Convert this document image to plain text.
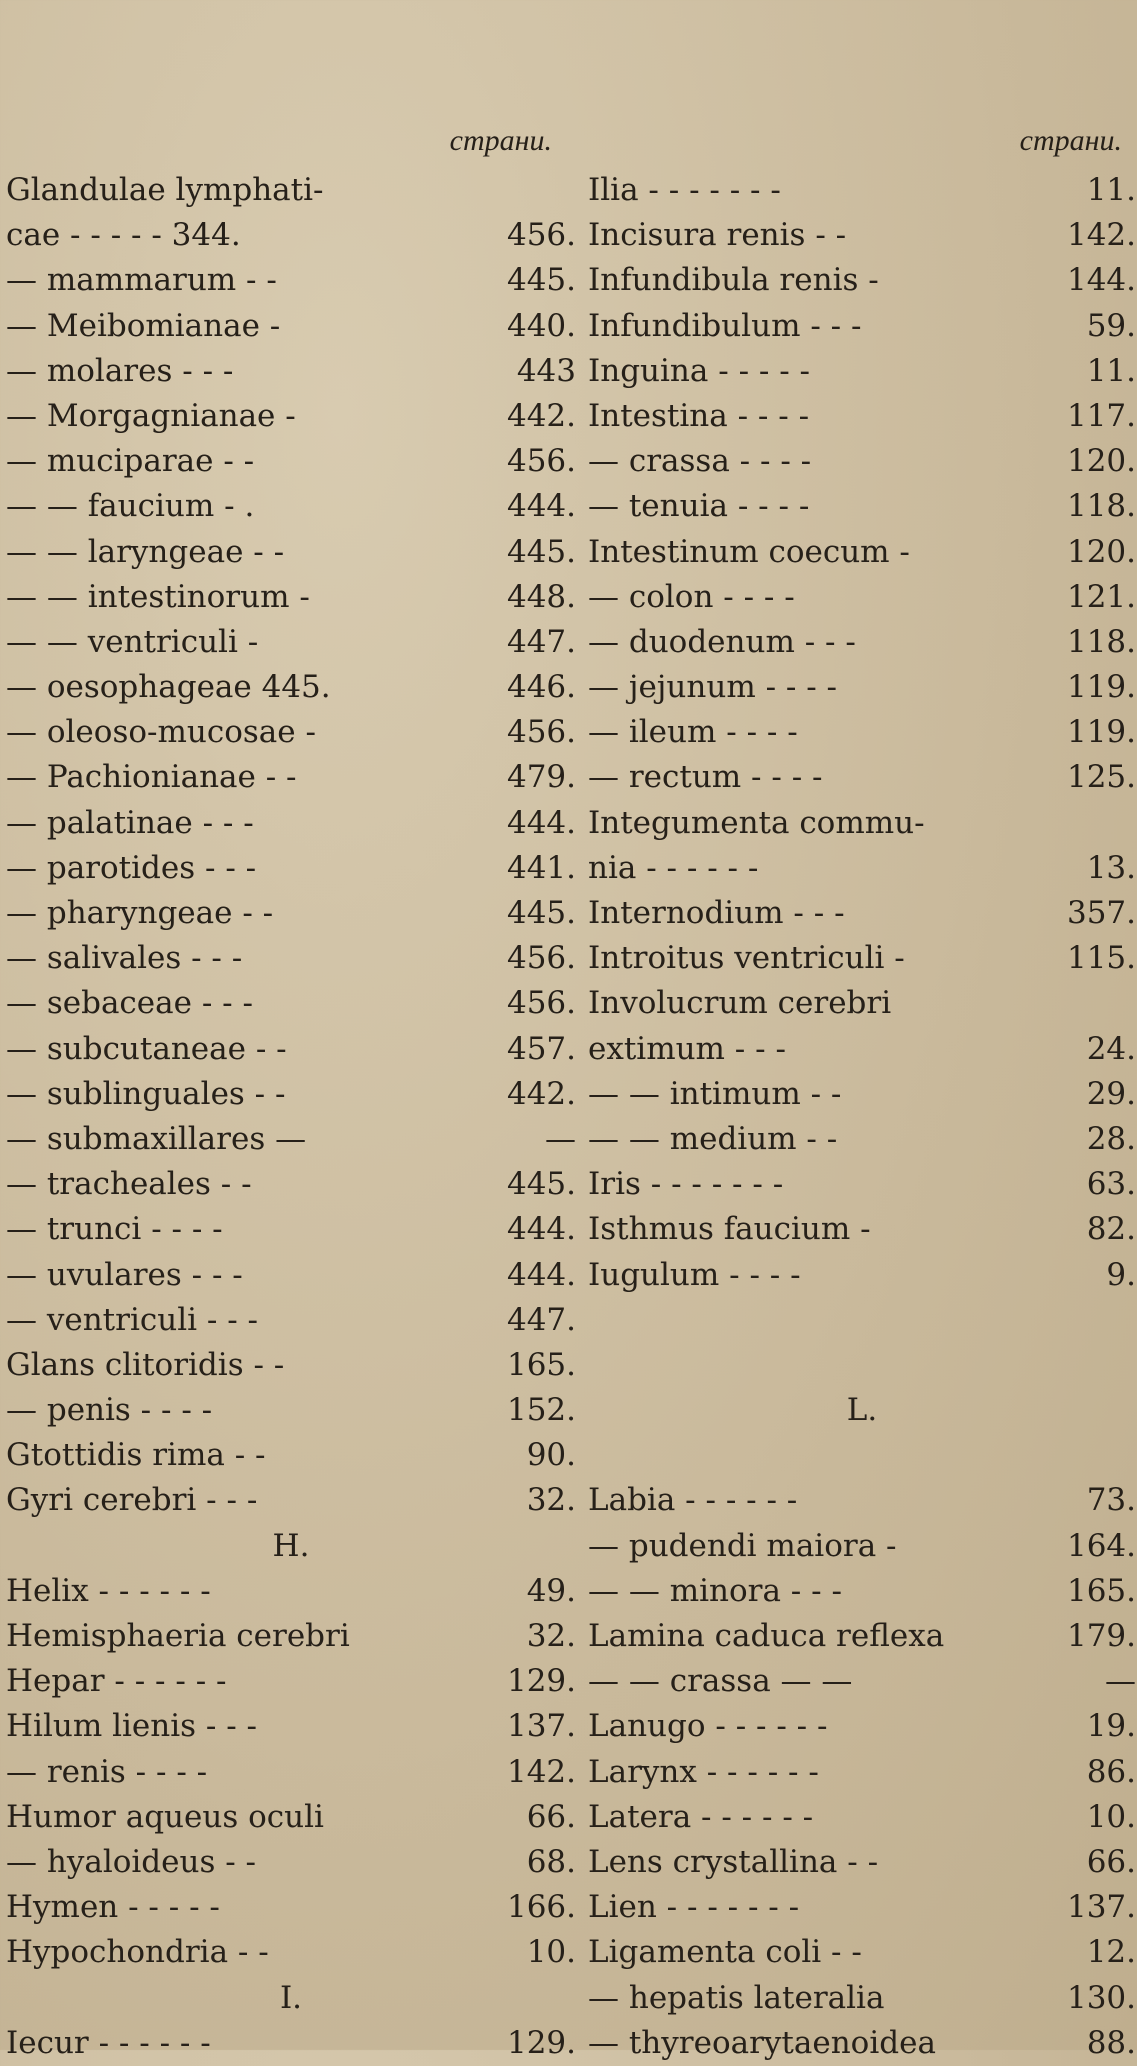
страни.
Glandulae lymphati-
cae - - - - - 344.	456.
— mammarum - -	445.
— Meibomianae -	440.
— molares - - -	443
— Morgagnianae -	442.
— muciparae - -	456.
— — faucium - .	444.
— — laryngeae - -	445.
— — intestinorum -	448.
— — ventriculi -	447.
— oesophageae 445.	446.
— oleoso-mucosae -	456.
— Pachionianae - -	479.
— palatinae - - -	444.
— parotides - - -	441.
— pharyngeae - -	445.
— salivales - - -	456.
— sebaceae - - -	456.
— subcutaneae - -	457.
— sublinguales - -	442.
— submaxillares —	—
— tracheales - -	445.
— trunci - - - -	444.
— uvulares - - -	444.
— ventriculi - - -	447.
Glans clitoridis - -	165.
— penis - - - -	152.
Gtottidis rima - -	90.
Gyri cerebri - - -	32.
H.
Helix - - - - - -	49.
Hemisphaeria cerebri	32.
Hepar - - - - - -	129.
Hilum lienis - - -	137.
— renis - - - -	142.
Humor aqueus oculi	66.
— hyaloideus - -	68.
Hymen - - - - -	166.
Hypochondria - -	10.
I.
Iecur - - - - - -	129.
страни.
Ilia - - - - - - -	11.
Incisura renis - -	142.
Infundibula renis -	144.
Infundibulum - - -	59.
Inguina - - - - -	11.
Intestina - - - -	117.
— crassa - - - -	120.
— tenuia - - - -	118.
Intestinum coecum -	120.
— colon - - - -	121.
— duodenum - - -	118.
— jejunum - - - -	119.
— ileum - - - -	119.
— rectum - - - -	125.
Integumenta commu-
nia - - - - - -	13.
Internodium - - -	357.
Introitus ventriculi -	115.
Involucrum cerebri
extimum - - -	24.
— — intimum - -	29.
— — medium - -	28.
Iris - - - - - - -	63.
Isthmus faucium -	82.
Iugulum - - - -	9.
L.
Labia - - - - - -	73.
— pudendi maiora -	164.
— — minora - - -	165.
Lamina caduca reflexa	179.
— — crassa — —	—
Lanugo - - - - - -	19.
Larynx - - - - - -	86.
Latera - - - - - -	10.
Lens crystallina - -	66.
Lien - - - - - - -	137.
Ligamenta coli - -	12.
— hepatis lateralia	130.
— thyreoarytaenoidea	88.
